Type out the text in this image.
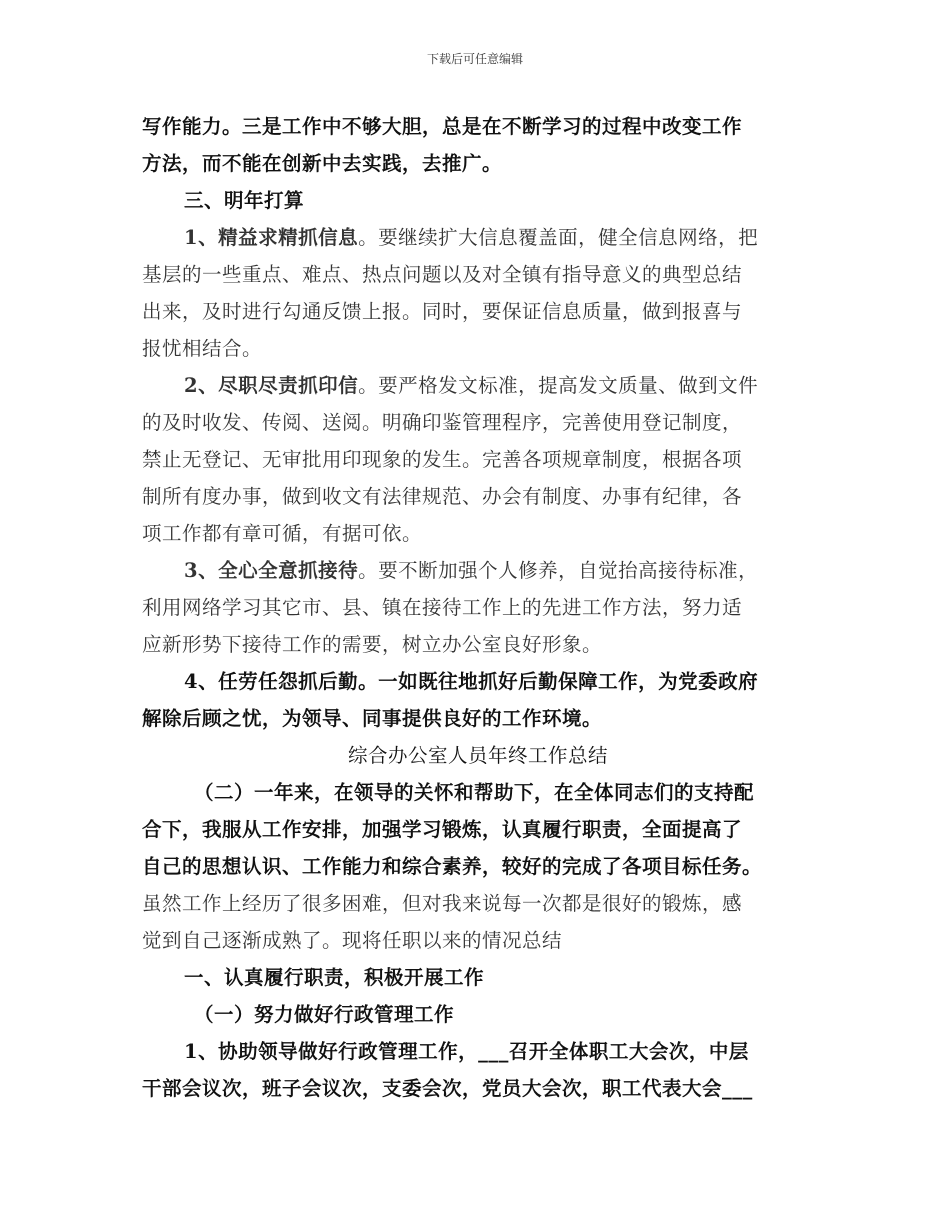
下载后可任意编辑
写作能力。三是工作中不够大胆，总是在不断学习的过程中改变工作
方法，而不能在创新中去实践，去推广。
三、明年打算
1、精益求精抓信息。要继续扩大信息覆盖面，健全信息网络，把
基层的一些重点、难点、热点问题以及对全镇有指导意义的典型总结
出来，及时进行勾通反馈上报。同时，要保证信息质量，做到报喜与
报忧相结合。
2、尽职尽责抓印信。要严格发文标准，提高发文质量、做到文件
的及时收发、传阅、送阅。明确印鉴管理程序，完善使用登记制度，
禁止无登记、无审批用印现象的发生。完善各项规章制度，根据各项
制所有度办事，做到收文有法律规范、办会有制度、办事有纪律，各
项工作都有章可循，有据可依。
3、全心全意抓接待。要不断加强个人修养，自觉抬高接待标准，
利用网络学习其它市、县、镇在接待工作上的先进工作方法，努力适
应新形势下接待工作的需要，树立办公室良好形象。
4、任劳任怨抓后勤。一如既往地抓好后勤保障工作，为党委政府
解除后顾之忧，为领导、同事提供良好的工作环境。
综合办公室人员年终工作总结
（二）一年来，在领导的关怀和帮助下，在全体同志们的支持配
合下，我服从工作安排，加强学习锻炼，认真履行职责，全面提高了
自己的思想认识、工作能力和综合素养，较好的完成了各项目标任务。
虽然工作上经历了很多困难，但对我来说每一次都是很好的锻炼，感
觉到自己逐渐成熟了。现将任职以来的情况总结
一、认真履行职责，积极开展工作
（一）努力做好行政管理工作
1、协助领导做好行政管理工作，___召开全体职工大会次，中层
干部会议次，班子会议次，支委会次，党员大会次，职工代表大会___
